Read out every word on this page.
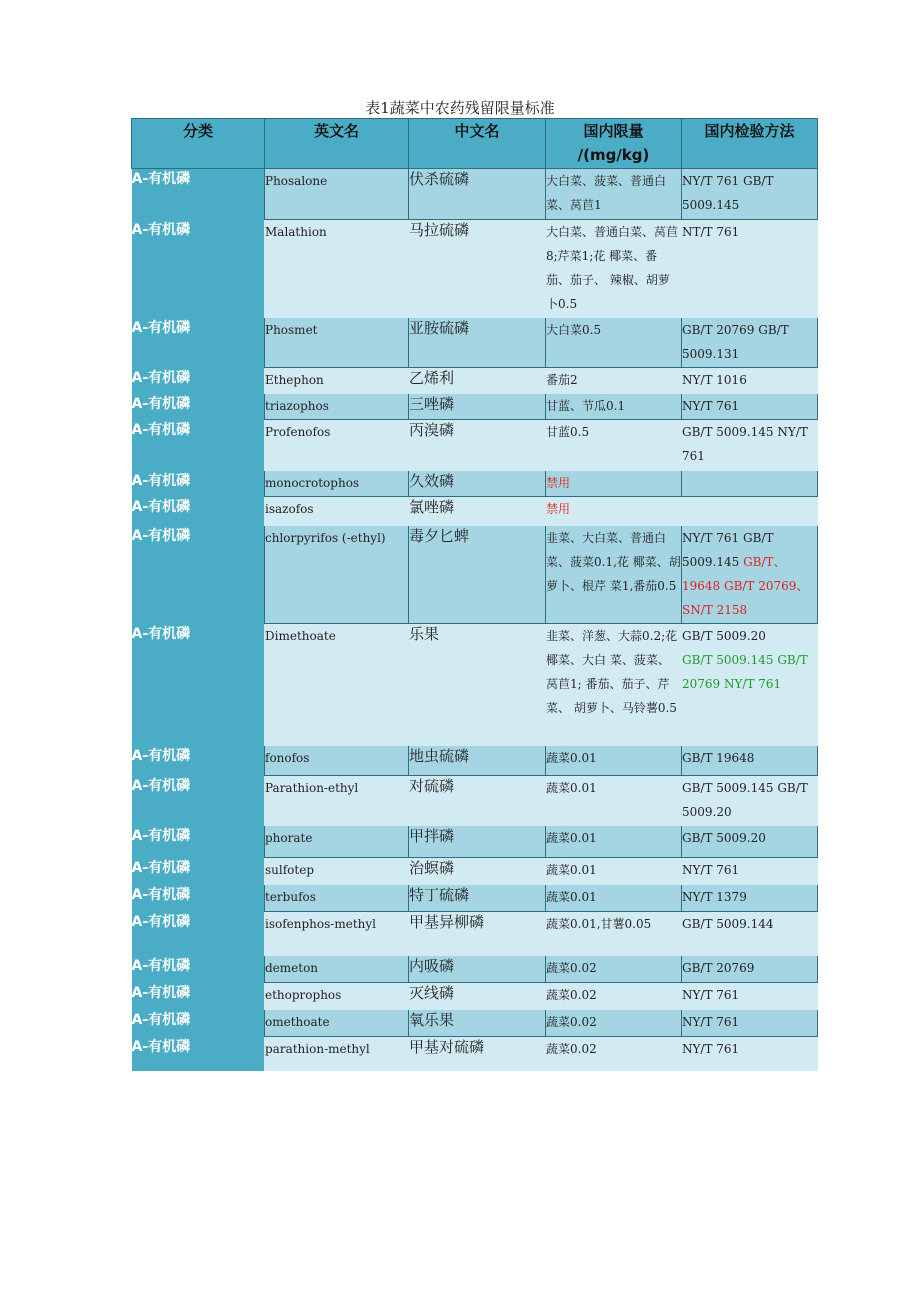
表1蔬菜中农药残留限量标准
分类	英文名	中文名	国内限量
/(mg/kg)	国内检验方法
A-有机磷	Phosalone	伏杀硫磷	大白菜、菠菜、普通白菜、莴苣1	NY/T 761 GB/T 5009.145
A-有机磷	Malathion	马拉硫磷	大白菜、普通白菜、莴苣8;芹菜1;花 椰菜、番茄、茄子、 辣椒、胡萝卜0.5	NT/T 761
A-有机磷	Phosmet	亚胺硫磷	大白菜0.5	GB/T 20769 GB/T 5009.131
A-有机磷	Ethephon	乙烯利	番茄2	NY/T 1016
A-有机磷	triazophos	三唑磷	甘蓝、节瓜0.1	NY/T 761
A-有机磷	Profenofos	丙溴磷	甘蓝0.5	GB/T 5009.145 NY/T 761
A-有机磷	monocrotophos	久效磷	禁用	
A-有机磷	isazofos	氯唑磷	禁用	
A-有机磷	chlorpyrifos (-ethyl)	毒夕匕蜱	韭菜、大白菜、普通白菜、菠菜0.1,花 椰菜、胡萝卜、根芹 菜1,番茄0.5	NY/T 761 GB/T 5009.145 GB/T、19648 GB/T 20769、SN/T 2158
A-有机磷	Dimethoate	乐果	韭菜、洋葱、大蒜0.2;花椰菜、大白 菜、菠菜、莴苣1; 番茄、茄子、芹菜、 胡萝卜、马铃薯0.5	GB/T 5009.20
GB/T 5009.145 GB/T 20769 NY/T 761

A-有机磷	fonofos	地虫硫磷	蔬菜0.01	GB/T 19648
A-有机磷	Parathion-ethyl	对硫磷	蔬菜0.01	GB/T 5009.145 GB/T 5009.20
A-有机磷	phorate	甲拌磷	蔬菜0.01	GB/T 5009.20
A-有机磷	sulfotep	治螟磷	蔬菜0.01	NY/T 761
A-有机磷	terbufos	特丁硫磷	蔬菜0.01	NY/T 1379
A-有机磷	isofenphos-methyl	甲基异柳磷	蔬菜0.01,甘薯0.05	GB/T 5009.144
A-有机磷	demeton	内吸磷	蔬菜0.02	GB/T 20769
A-有机磷	ethoprophos	灭线磷	蔬菜0.02	NY/T 761
A-有机磷	omethoate	氧乐果	蔬菜0.02	NY/T 761
A-有机磷	parathion-methyl	甲基对硫磷	蔬菜0.02	NY/T 761
